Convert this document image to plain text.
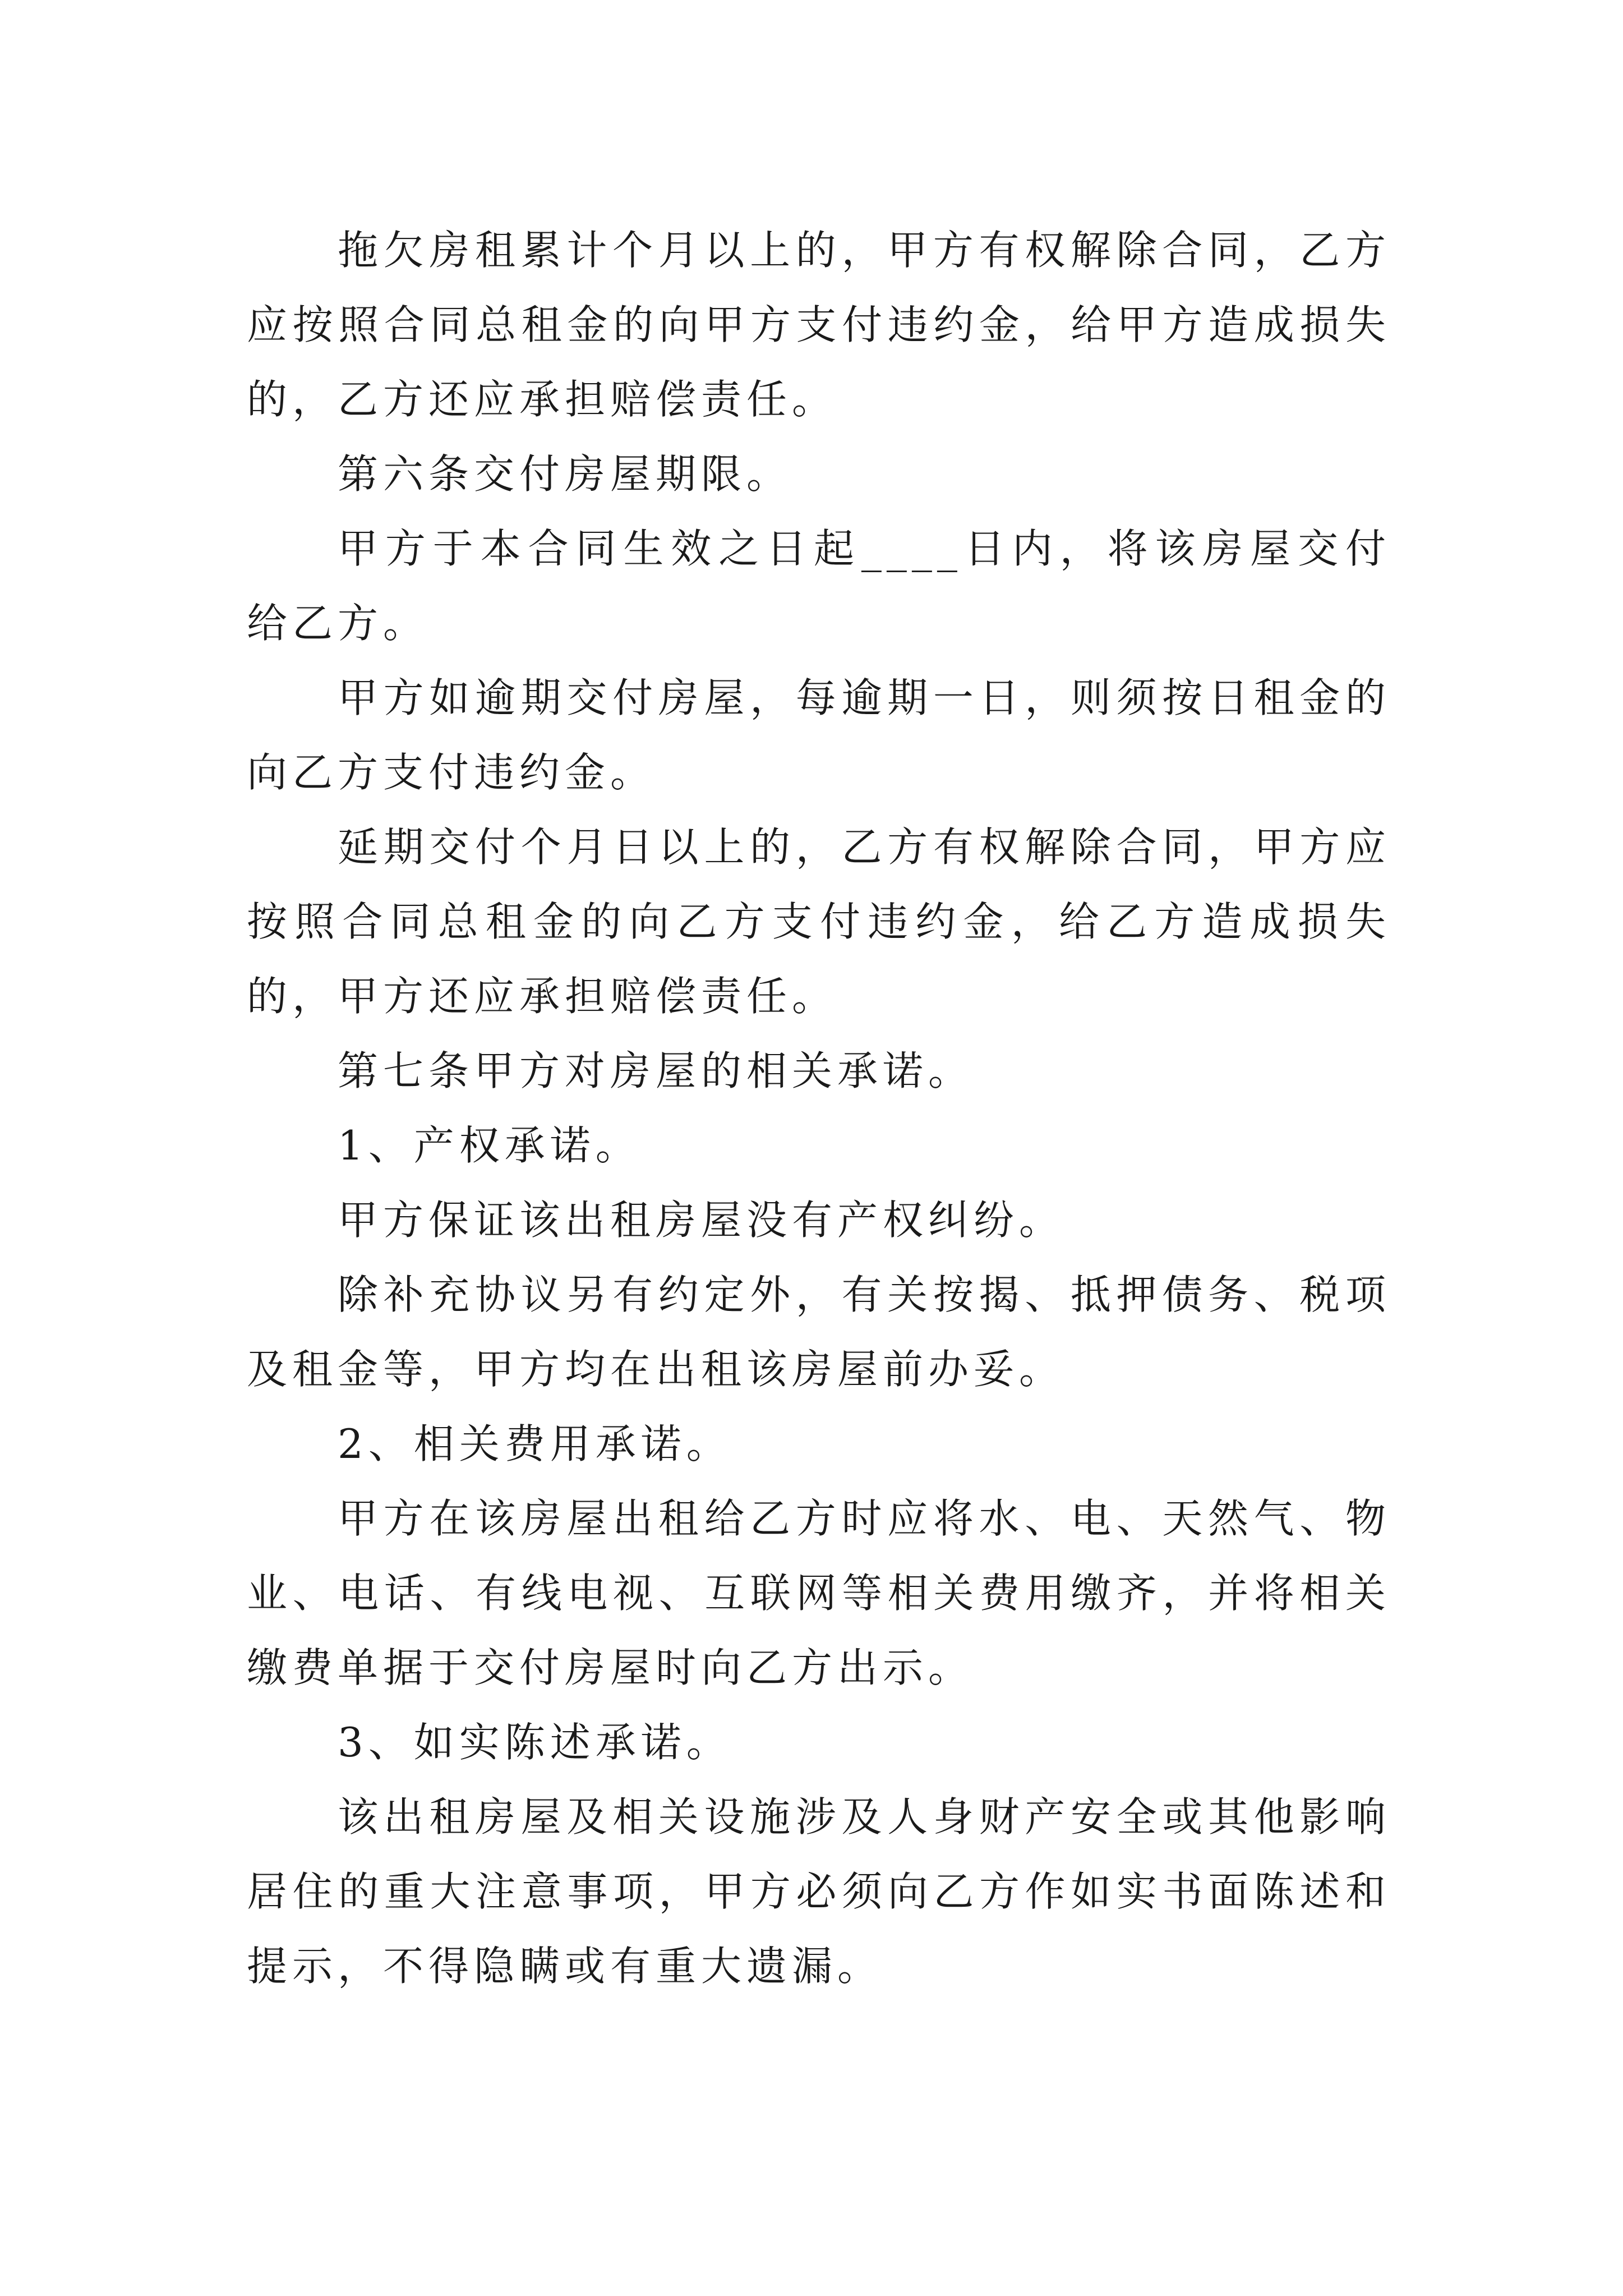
拖欠房租累计个月以上的，甲方有权解除合同，乙方应按照合同总租金的向甲方支付违约金，给甲方造成损失的，乙方还应承担赔偿责任。

第六条交付房屋期限。

甲方于本合同生效之日起____日内，将该房屋交付给乙方。

甲方如逾期交付房屋，每逾期一日，则须按日租金的向乙方支付违约金。

延期交付个月日以上的，乙方有权解除合同，甲方应按照合同总租金的向乙方支付违约金，给乙方造成损失的，甲方还应承担赔偿责任。

第七条甲方对房屋的相关承诺。

1、产权承诺。

甲方保证该出租房屋没有产权纠纷。

除补充协议另有约定外，有关按揭、抵押债务、税项及租金等，甲方均在出租该房屋前办妥。

2、相关费用承诺。

甲方在该房屋出租给乙方时应将水、电、天然气、物业、电话、有线电视、互联网等相关费用缴齐，并将相关缴费单据于交付房屋时向乙方出示。

3、如实陈述承诺。

该出租房屋及相关设施涉及人身财产安全或其他影响居住的重大注意事项，甲方必须向乙方作如实书面陈述和提示，不得隐瞒或有重大遗漏。
